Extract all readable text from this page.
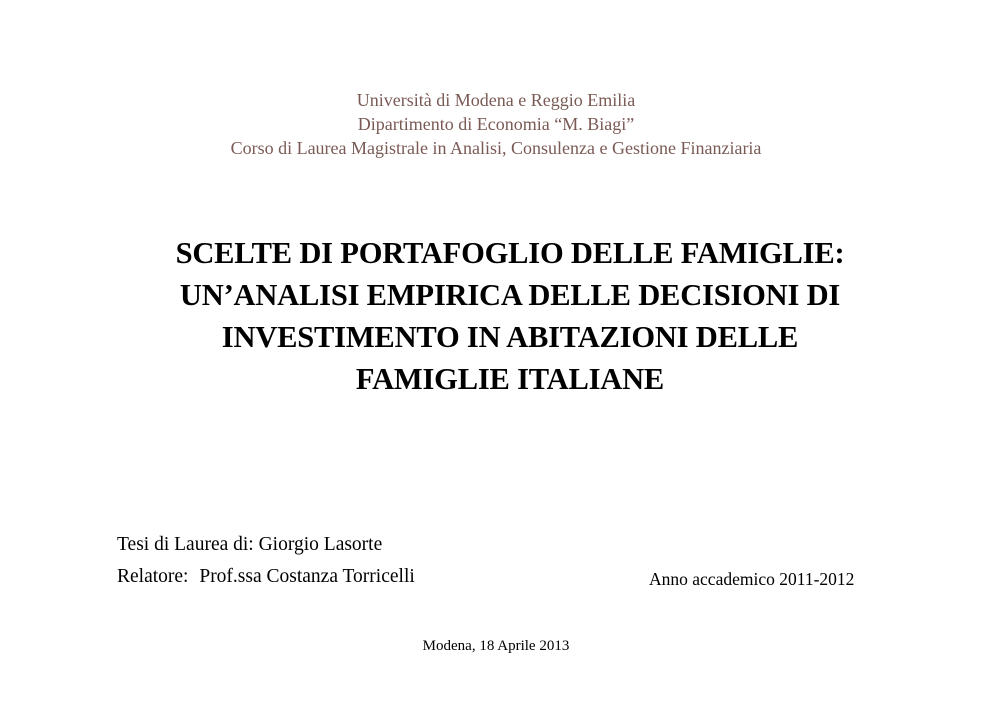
Università di Modena e Reggio Emilia
Dipartimento di Economia “M. Biagi”
Corso di Laurea Magistrale in Analisi, Consulenza e Gestione Finanziaria
SCELTE DI PORTAFOGLIO DELLE FAMIGLIE:
UN’ANALISI EMPIRICA DELLE DECISIONI DI
INVESTIMENTO IN ABITAZIONI DELLE
FAMIGLIE ITALIANE
Tesi di Laurea di: Giorgio Lasorte
Relatore: Prof.ssa Costanza Torricelli	Anno accademico 2011-2012
Modena, 18 Aprile 2013
